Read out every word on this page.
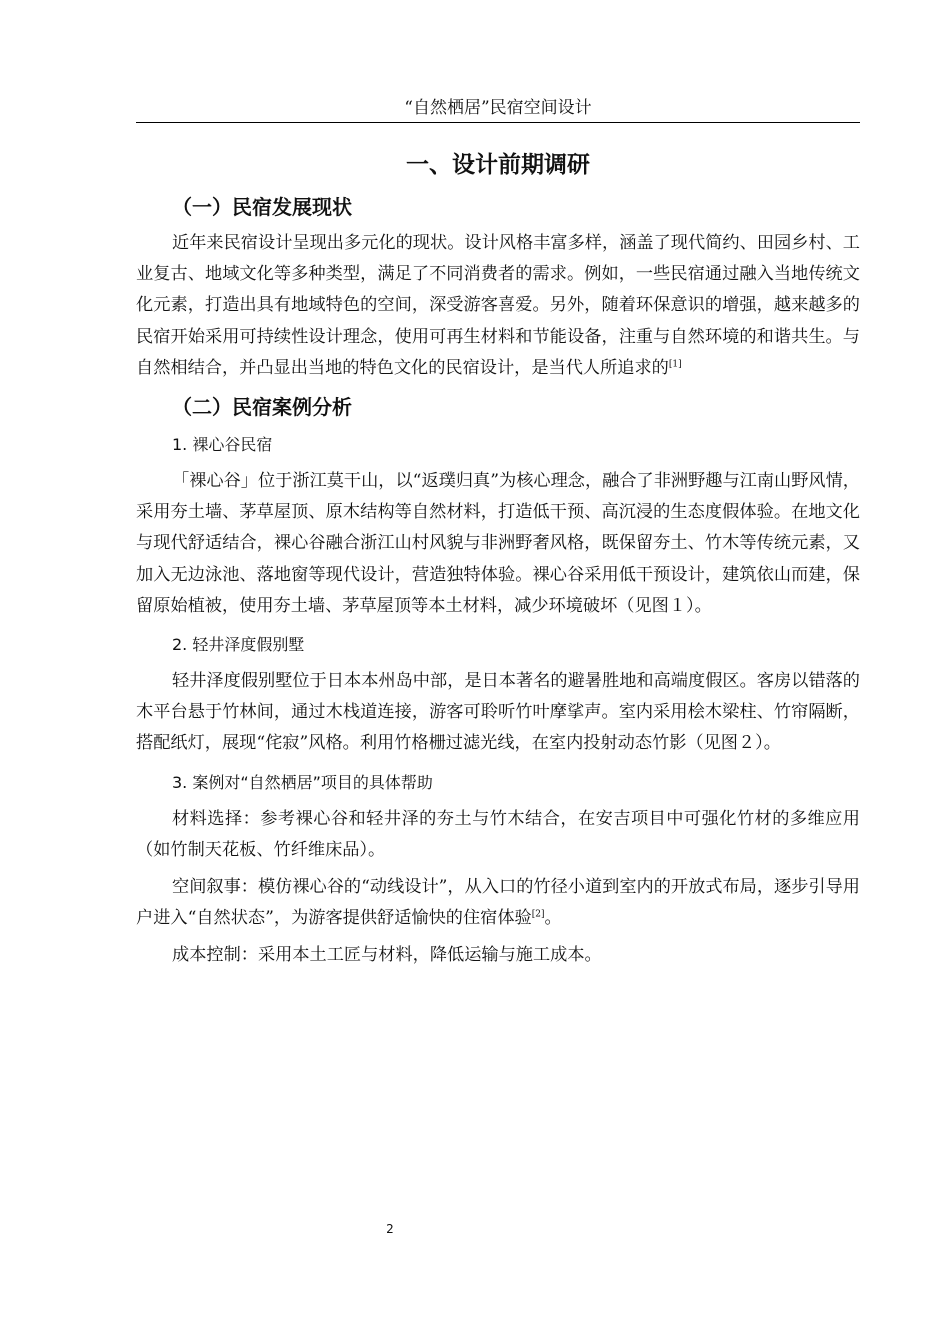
“自然栖居”民宿空间设计
一、设计前期调研
（一）民宿发展现状

近年来民宿设计呈现出多元化的现状。设计风格丰富多样，涵盖了现代简约、田园乡村、工业复古、地域文化等多种类型，满足了不同消费者的需求。例如，一些民宿通过融入当地传统文化元素，打造出具有地域特色的空间，深受游客喜爱。另外，随着环保意识的增强，越来越多的民宿开始采用可持续性设计理念，使用可再生材料和节能设备，注重与自然环境的和谐共生。与自然相结合，并凸显出当地的特色文化的民宿设计，是当代人所追求的[1]

（二）民宿案例分析
1. 裸心谷民宿

「裸心谷」位于浙江莫干山，以“返璞归真”为核心理念，融合了非洲野趣与江南山野风情，采用夯土墙、茅草屋顶、原木结构等自然材料，打造低干预、高沉浸的生态度假体验。在地文化与现代舒适结合，裸心谷融合浙江山村风貌与非洲野奢风格，既保留夯土、竹木等传统元素，又加入无边泳池、落地窗等现代设计，营造独特体验。裸心谷采用低干预设计，建筑依山而建，保留原始植被，使用夯土墙、茅草屋顶等本土材料，减少环境破坏（见图１）。

2. 轻井泽度假别墅

轻井泽度假别墅位于日本本州岛中部，是日本著名的避暑胜地和高端度假区。客房以错落的木平台悬于竹林间，通过木栈道连接，游客可聆听竹叶摩挲声。室内采用桧木梁柱、竹帘隔断，搭配纸灯，展现“侘寂”风格。利用竹格栅过滤光线，在室内投射动态竹影（见图２）。

3. 案例对“自然栖居”项目的具体帮助

材料选择：参考裸心谷和轻井泽的夯土与竹木结合，在安吉项目中可强化竹材的多维应用（如竹制天花板、竹纤维床品）。

空间叙事：模仿裸心谷的“动线设计”，从入口的竹径小道到室内的开放式布局，逐步引导用户进入“自然状态”，为游客提供舒适愉快的住宿体验[2]。

成本控制：采用本土工匠与材料，降低运输与施工成本。

2
